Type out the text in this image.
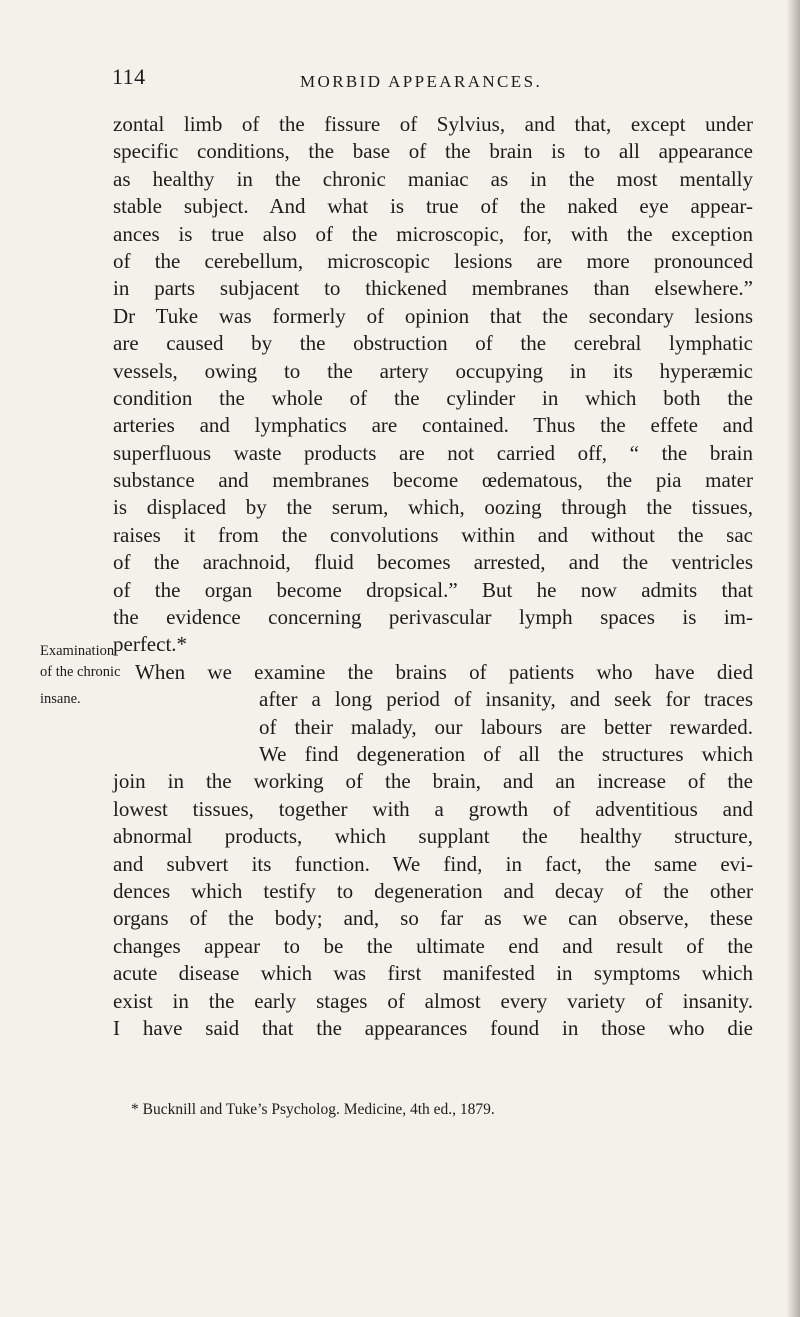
114	MORBID APPEARANCES.
zontal limb of the fissure of Sylvius, and that, except under
specific conditions, the base of the brain is to all appearance
as healthy in the chronic maniac as in the most mentally
stable subject. And what is true of the naked eye appear-
ances is true also of the microscopic, for, with the exception
of the cerebellum, microscopic lesions are more pronounced
in parts subjacent to thickened membranes than elsewhere.”
Dr Tuke was formerly of opinion that the secondary lesions
are caused by the obstruction of the cerebral lymphatic
vessels, owing to the artery occupying in its hyperæmic
condition the whole of the cylinder in which both the
arteries and lymphatics are contained. Thus the effete and
superfluous waste products are not carried off, “ the brain
substance and membranes become œdematous, the pia mater
is displaced by the serum, which, oozing through the tissues,
raises it from the convolutions within and without the sac
of the arachnoid, fluid becomes arrested, and the ventricles
of the organ become dropsical.” But he now admits that
the evidence concerning perivascular lymph spaces is im-
perfect.*
When we examine the brains of patients who have died
after a long period of insanity, and seek for traces
of their malady, our labours are better rewarded.
We find degeneration of all the structures which
join in the working of the brain, and an increase of the
lowest tissues, together with a growth of adventitious and
abnormal products, which supplant the healthy structure,
and subvert its function. We find, in fact, the same evi-
dences which testify to degeneration and decay of the other
organs of the body; and, so far as we can observe, these
changes appear to be the ultimate end and result of the
acute disease which was first manifested in symptoms which
exist in the early stages of almost every variety of insanity.
I have said that the appearances found in those who die
Examination
of the chronic
insane.
* Bucknill and Tuke’s Psycholog. Medicine, 4th ed., 1879.
